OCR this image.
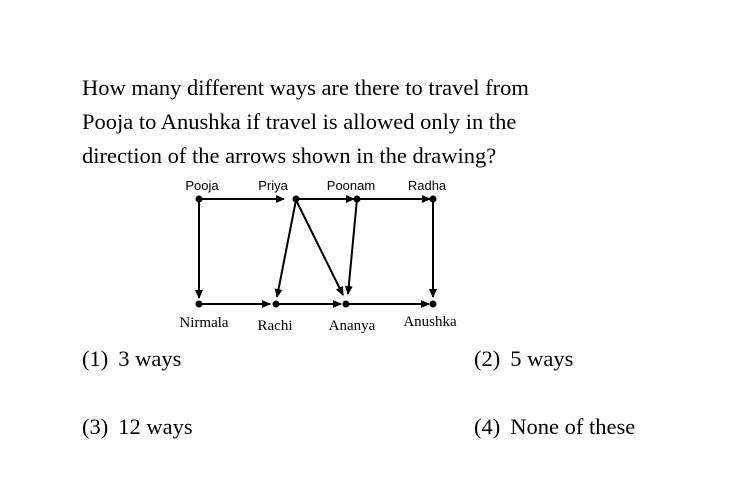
How many different ways are there to travel from
Pooja to Anushka if travel is allowed only in the
direction of the arrows shown in the drawing?
Pooja	Priya	Poonam	Radha
Nirmala Rachi Ananya Anushka
(1) 3 ways	(2) 5 ways
(3) 12 ways	(4) None of these
